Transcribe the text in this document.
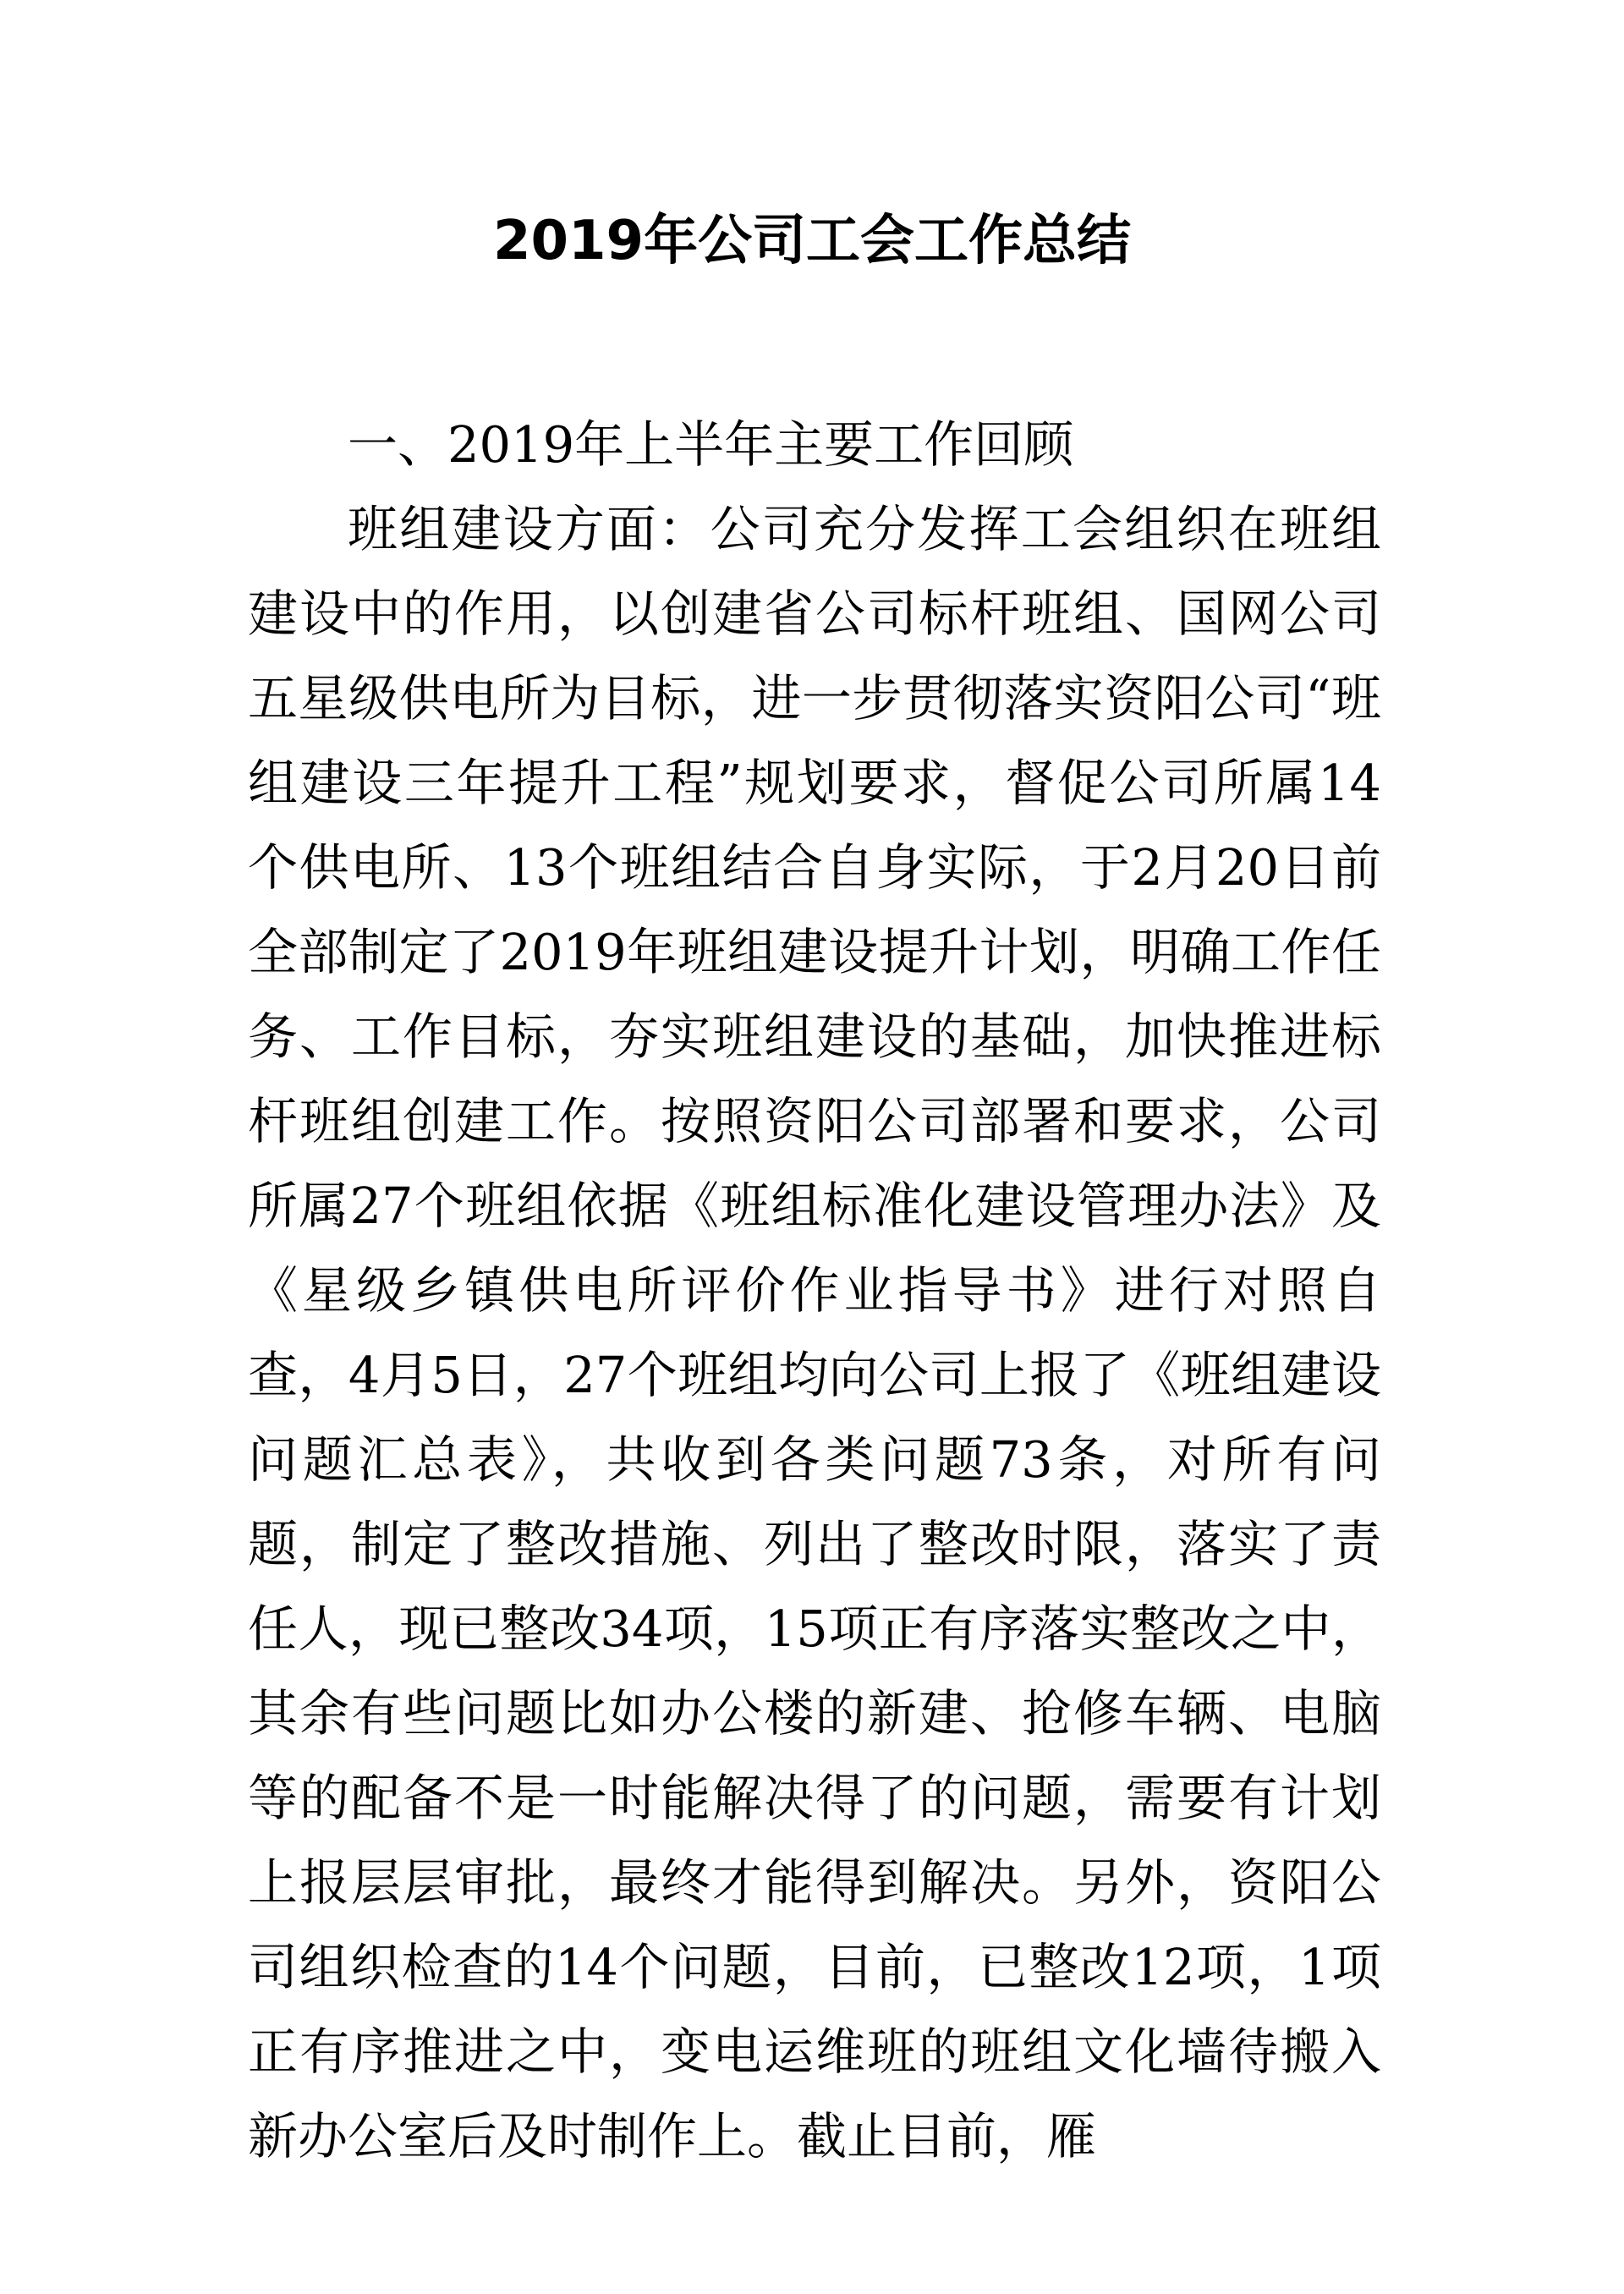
2019年公司工会工作总结

一、2019年上半年主要工作回顾

班组建设方面：公司充分发挥工会组织在班组建设中的作用，以创建省公司标杆班组、国网公司五星级供电所为目标，进一步贯彻落实资阳公司“班组建设三年提升工程”规划要求，督促公司所属14个供电所、13个班组结合自身实际，于2月20日前全部制定了2019年班组建设提升计划，明确工作任务、工作目标，夯实班组建设的基础，加快推进标杆班组创建工作。按照资阳公司部署和要求，公司所属27个班组依据《班组标准化建设管理办法》及《星级乡镇供电所评价作业指导书》进行对照自查，4月5日，27个班组均向公司上报了《班组建设问题汇总表》，共收到各类问题73条，对所有问题，制定了整改措施、列出了整改时限，落实了责任人，现已整改34项，15项正有序落实整改之中，其余有些问题比如办公楼的新建、抢修车辆、电脑等的配备不是一时能解决得了的问题，需要有计划上报层层审批，最终才能得到解决。另外，资阳公司组织检查的14个问题，目前，已整改12项，1项正有序推进之中，变电运维班的班组文化墙待搬入新办公室后及时制作上。截止目前，雁
